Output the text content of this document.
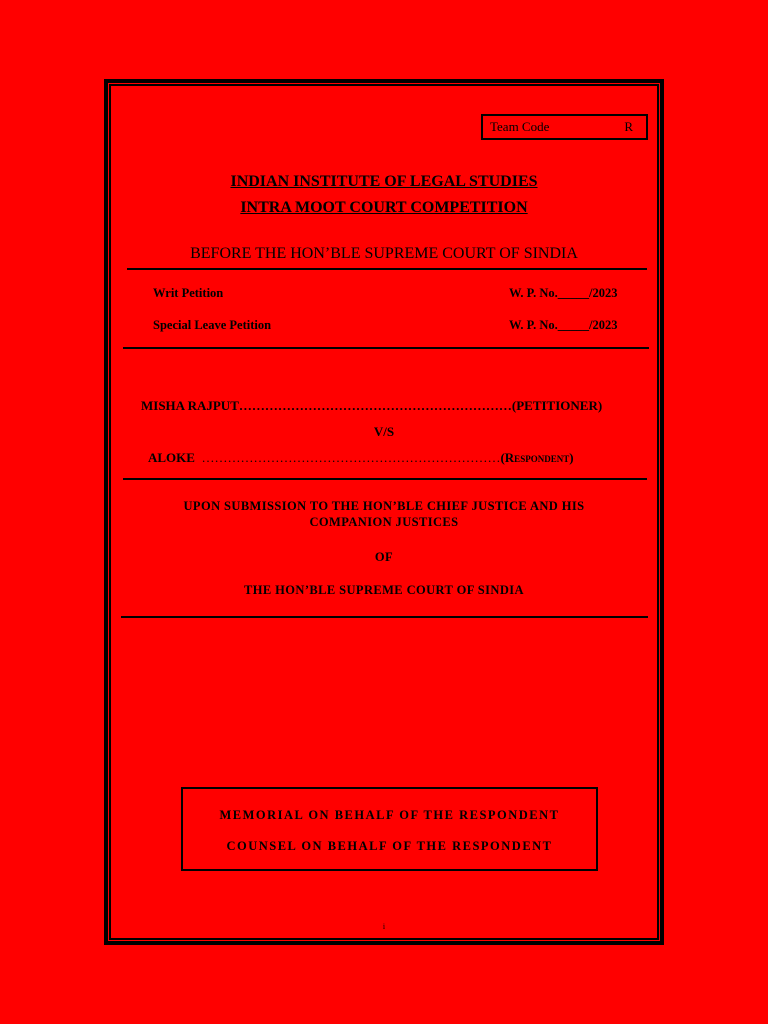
Team Code	R
INDIAN INSTITUTE OF LEGAL STUDIES
INTRA MOOT COURT COMPETITION
BEFORE THE HON’BLE SUPREME COURT OF SINDIA
Writ Petition	W. P. No._____/2023
Special Leave Petition	W. P. No._____/2023
MISHA RAJPUT………………………………………………………(PETITIONER)
V/S
ALOKE ……………………………………………………………(Respondent)
UPON SUBMISSION TO THE HON’BLE CHIEF JUSTICE AND HIS
COMPANION JUSTICES
OF
THE HON’BLE SUPREME COURT OF SINDIA
MEMORIAL ON BEHALF OF THE RESPONDENT
COUNSEL ON BEHALF OF THE RESPONDENT
i
